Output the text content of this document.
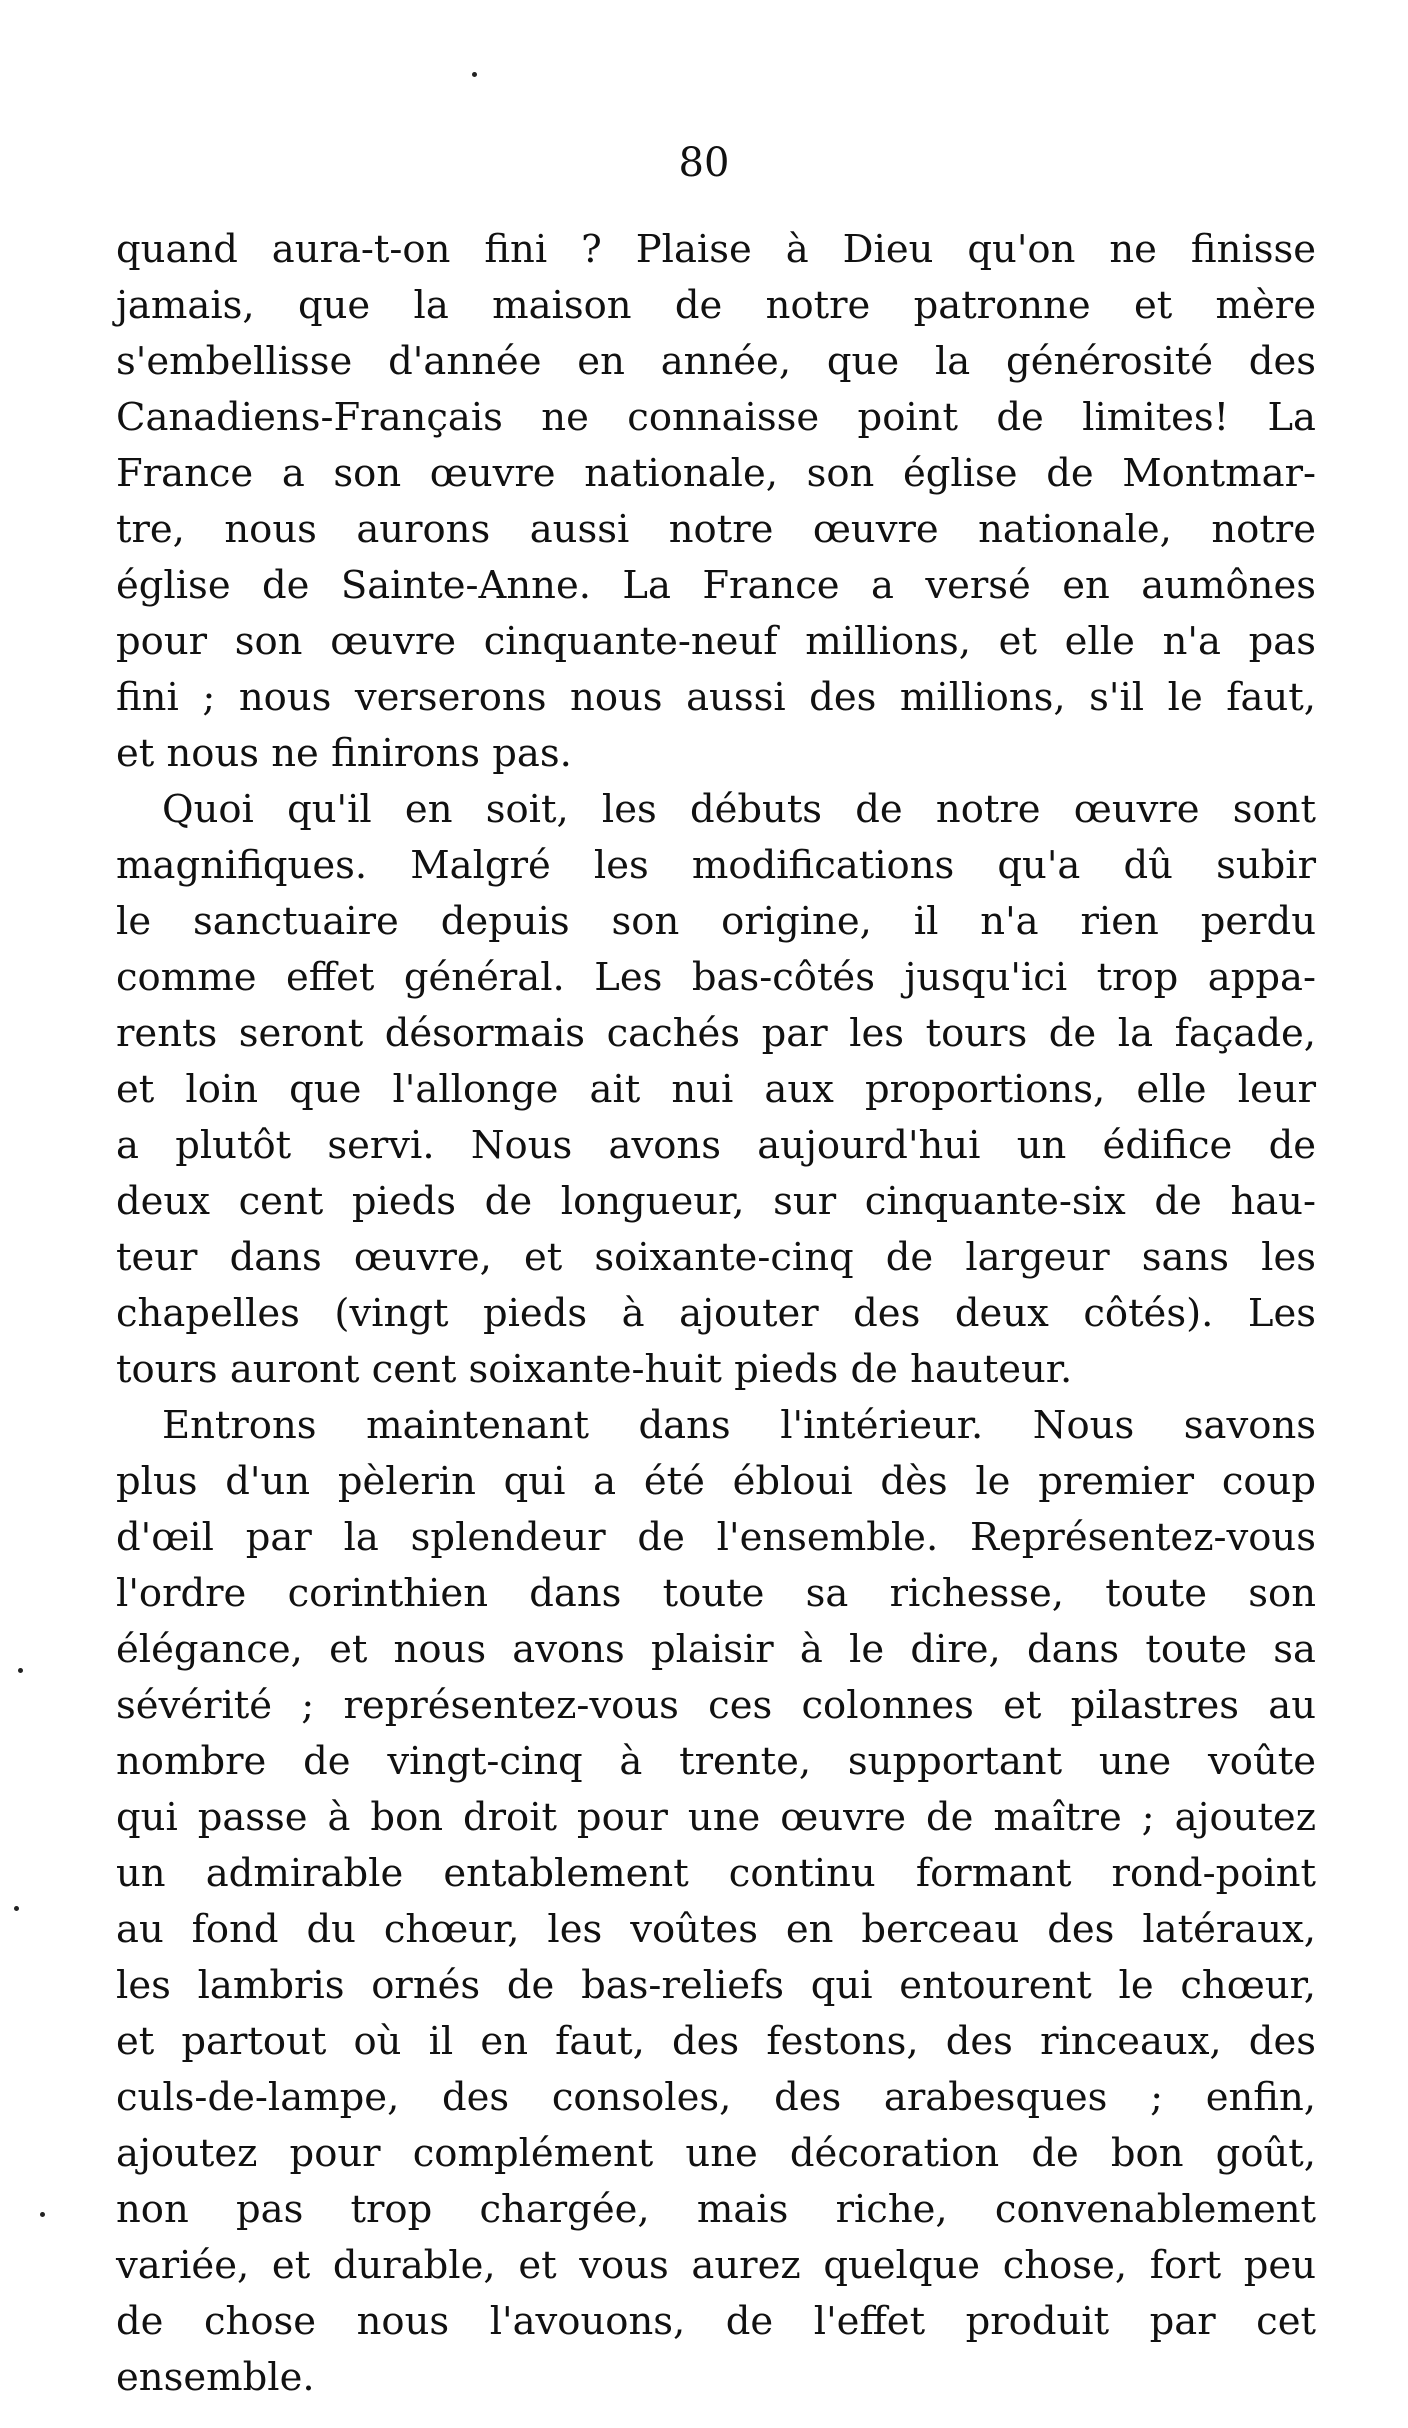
80
quand aura-t-on fini ? Plaise à Dieu qu'on ne finisse
jamais, que la maison de notre patronne et mère
s'embellisse d'année en année, que la générosité des
Canadiens-Français ne connaisse point de limites! La
France a son œuvre nationale, son église de Montmar-
tre, nous aurons aussi notre œuvre nationale, notre
église de Sainte-Anne. La France a versé en aumônes
pour son œuvre cinquante-neuf millions, et elle n'a pas
fini ; nous verserons nous aussi des millions, s'il le faut,
et nous ne finirons pas.
Quoi qu'il en soit, les débuts de notre œuvre sont
magnifiques. Malgré les modifications qu'a dû subir
le sanctuaire depuis son origine, il n'a rien perdu
comme effet général. Les bas-côtés jusqu'ici trop appa-
rents seront désormais cachés par les tours de la façade,
et loin que l'allonge ait nui aux proportions, elle leur
a plutôt servi. Nous avons aujourd'hui un édifice de
deux cent pieds de longueur, sur cinquante-six de hau-
teur dans œuvre, et soixante-cinq de largeur sans les
chapelles (vingt pieds à ajouter des deux côtés). Les
tours auront cent soixante-huit pieds de hauteur.
Entrons maintenant dans l'intérieur. Nous savons
plus d'un pèlerin qui a été ébloui dès le premier coup
d'œil par la splendeur de l'ensemble. Représentez-vous
l'ordre corinthien dans toute sa richesse, toute son
élégance, et nous avons plaisir à le dire, dans toute sa
sévérité ; représentez-vous ces colonnes et pilastres au
nombre de vingt-cinq à trente, supportant une voûte
qui passe à bon droit pour une œuvre de maître ; ajoutez
un admirable entablement continu formant rond-point
au fond du chœur, les voûtes en berceau des latéraux,
les lambris ornés de bas-reliefs qui entourent le chœur,
et partout où il en faut, des festons, des rinceaux, des
culs-de-lampe, des consoles, des arabesques ; enfin,
ajoutez pour complément une décoration de bon goût,
non pas trop chargée, mais riche, convenablement
variée, et durable, et vous aurez quelque chose, fort peu
de chose nous l'avouons, de l'effet produit par cet
ensemble.
